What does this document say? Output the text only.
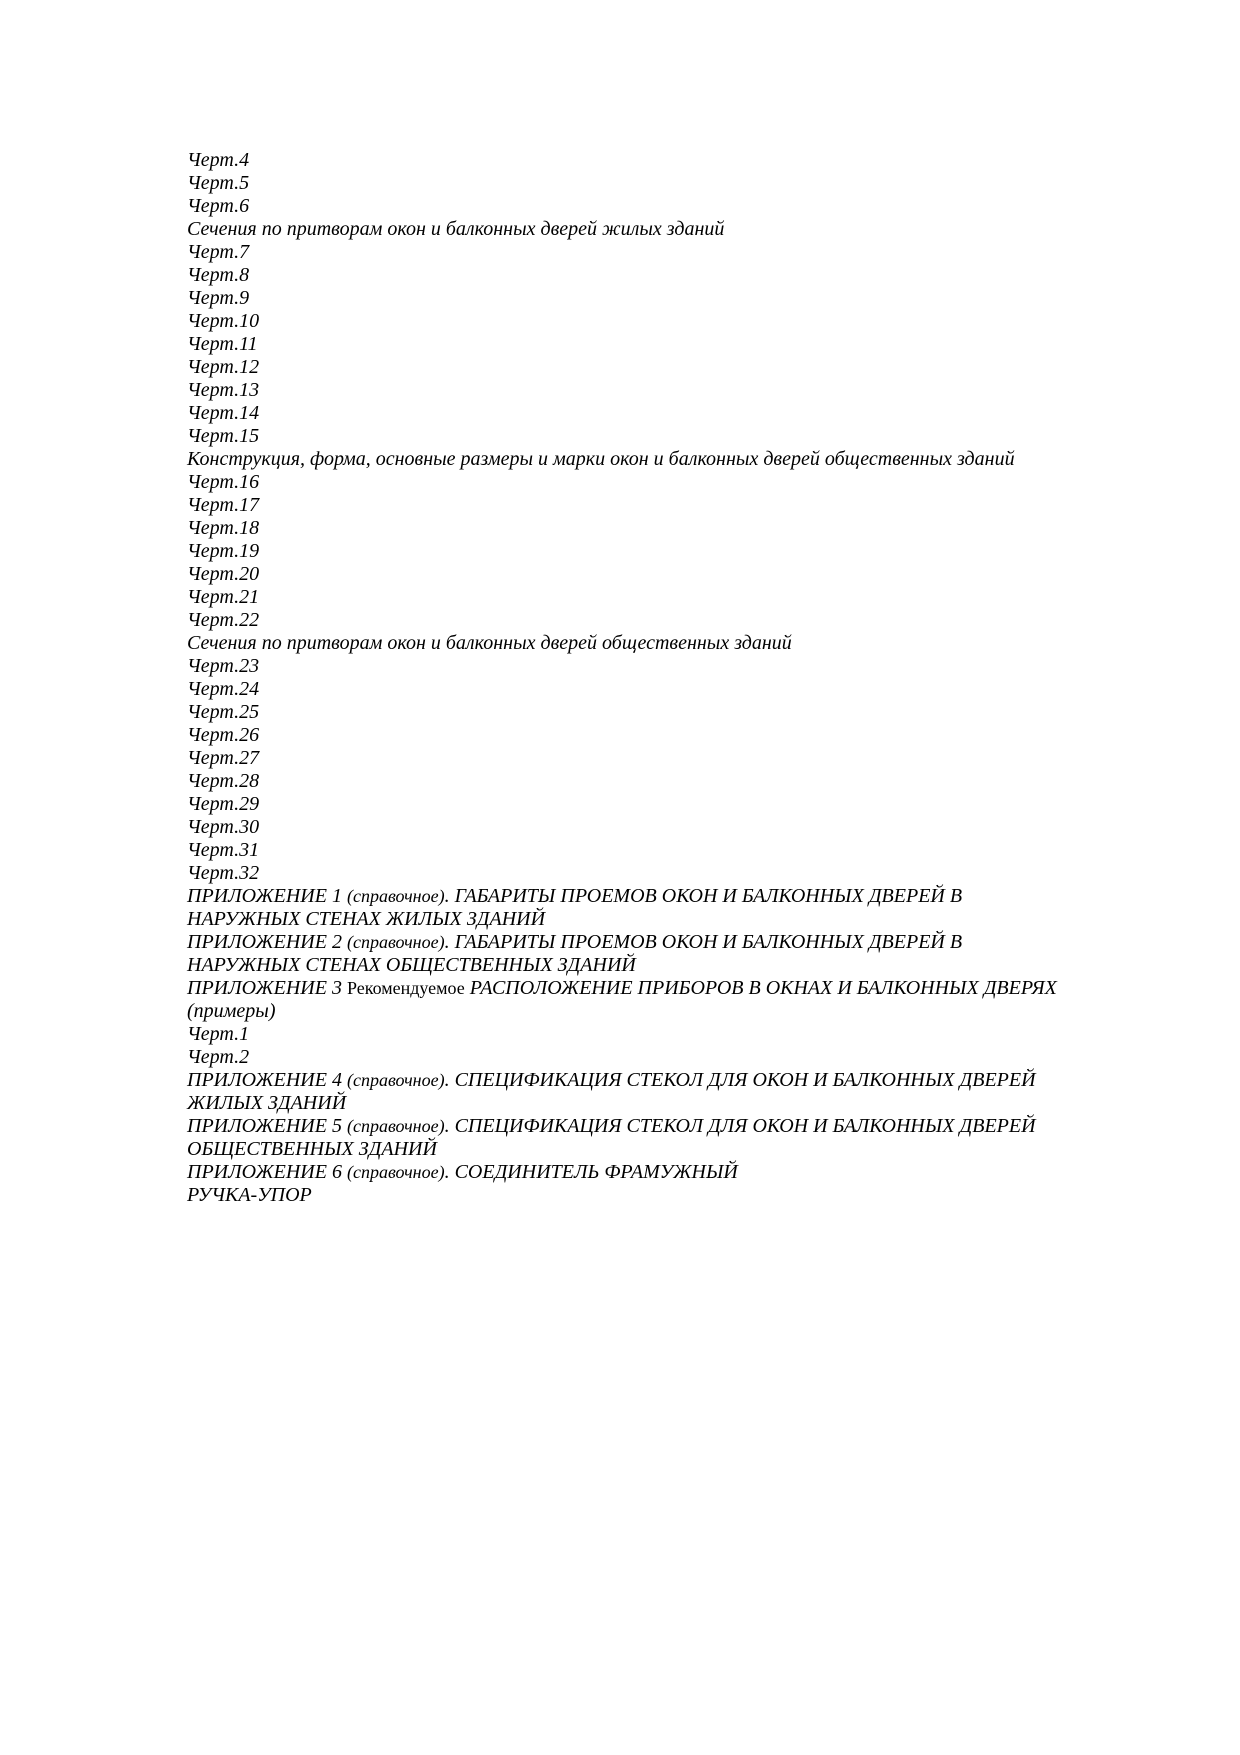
Черт.4
Черт.5
Черт.6
Сечения по притворам окон и балконных дверей жилых зданий
Черт.7
Черт.8
Черт.9
Черт.10
Черт.11
Черт.12
Черт.13
Черт.14
Черт.15
Конструкция, форма, основные размеры и марки окон и балконных дверей общественных зданий
Черт.16
Черт.17
Черт.18
Черт.19
Черт.20
Черт.21
Черт.22
Сечения по притворам окон и балконных дверей общественных зданий
Черт.23
Черт.24
Черт.25
Черт.26
Черт.27
Черт.28
Черт.29
Черт.30
Черт.31
Черт.32
ПРИЛОЖЕНИЕ 1 (справочное). ГАБАРИТЫ ПРОЕМОВ ОКОН И БАЛКОННЫХ ДВЕРЕЙ В НАРУЖНЫХ СТЕНАХ ЖИЛЫХ ЗДАНИЙ
ПРИЛОЖЕНИЕ 2 (справочное). ГАБАРИТЫ ПРОЕМОВ ОКОН И БАЛКОННЫХ ДВЕРЕЙ В НАРУЖНЫХ СТЕНАХ ОБЩЕСТВЕННЫХ ЗДАНИЙ
ПРИЛОЖЕНИЕ 3 Рекомендуемое РАСПОЛОЖЕНИЕ ПРИБОРОВ В ОКНАХ И БАЛКОННЫХ ДВЕРЯХ (примеры)
Черт.1
Черт.2
ПРИЛОЖЕНИЕ 4 (справочное). СПЕЦИФИКАЦИЯ СТЕКОЛ ДЛЯ ОКОН И БАЛКОННЫХ ДВЕРЕЙ ЖИЛЫХ ЗДАНИЙ
ПРИЛОЖЕНИЕ 5 (справочное). СПЕЦИФИКАЦИЯ СТЕКОЛ ДЛЯ ОКОН И БАЛКОННЫХ ДВЕРЕЙ ОБЩЕСТВЕННЫХ ЗДАНИЙ
ПРИЛОЖЕНИЕ 6 (справочное). СОЕДИНИТЕЛЬ ФРАМУЖНЫЙ
РУЧКА-УПОР
